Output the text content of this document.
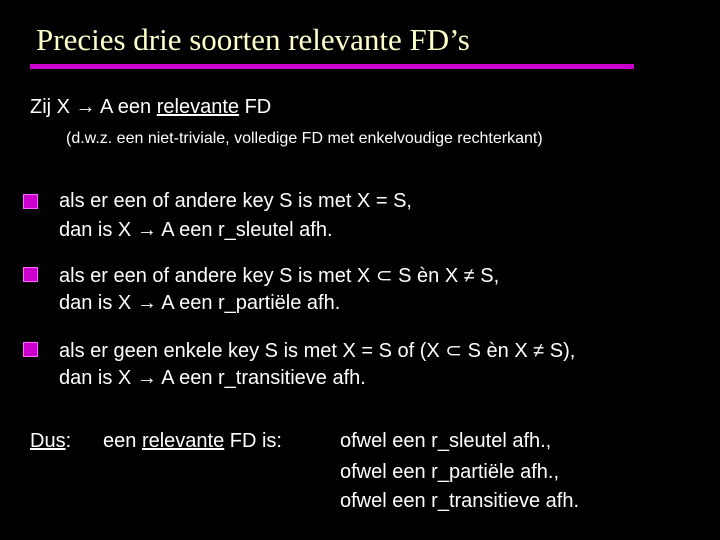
Precies drie soorten relevante FD’s
Zij X → A een relevante FD
(d.w.z. een niet-triviale, volledige FD met enkelvoudige rechterkant)
als er een of andere key S is met X = S,
dan is X → A een r_sleutel afh.
als er een of andere key S is met X ⊂ S èn X ≠ S,
dan is X → A een r_partiële afh.
als er geen enkele key S is met X = S of (X ⊂ S èn X ≠ S),
dan is X → A een r_transitieve afh.
Dus: een relevante FD is:	ofwel een r_sleutel afh.,
ofwel een r_partiële afh.,
ofwel een r_transitieve afh.
